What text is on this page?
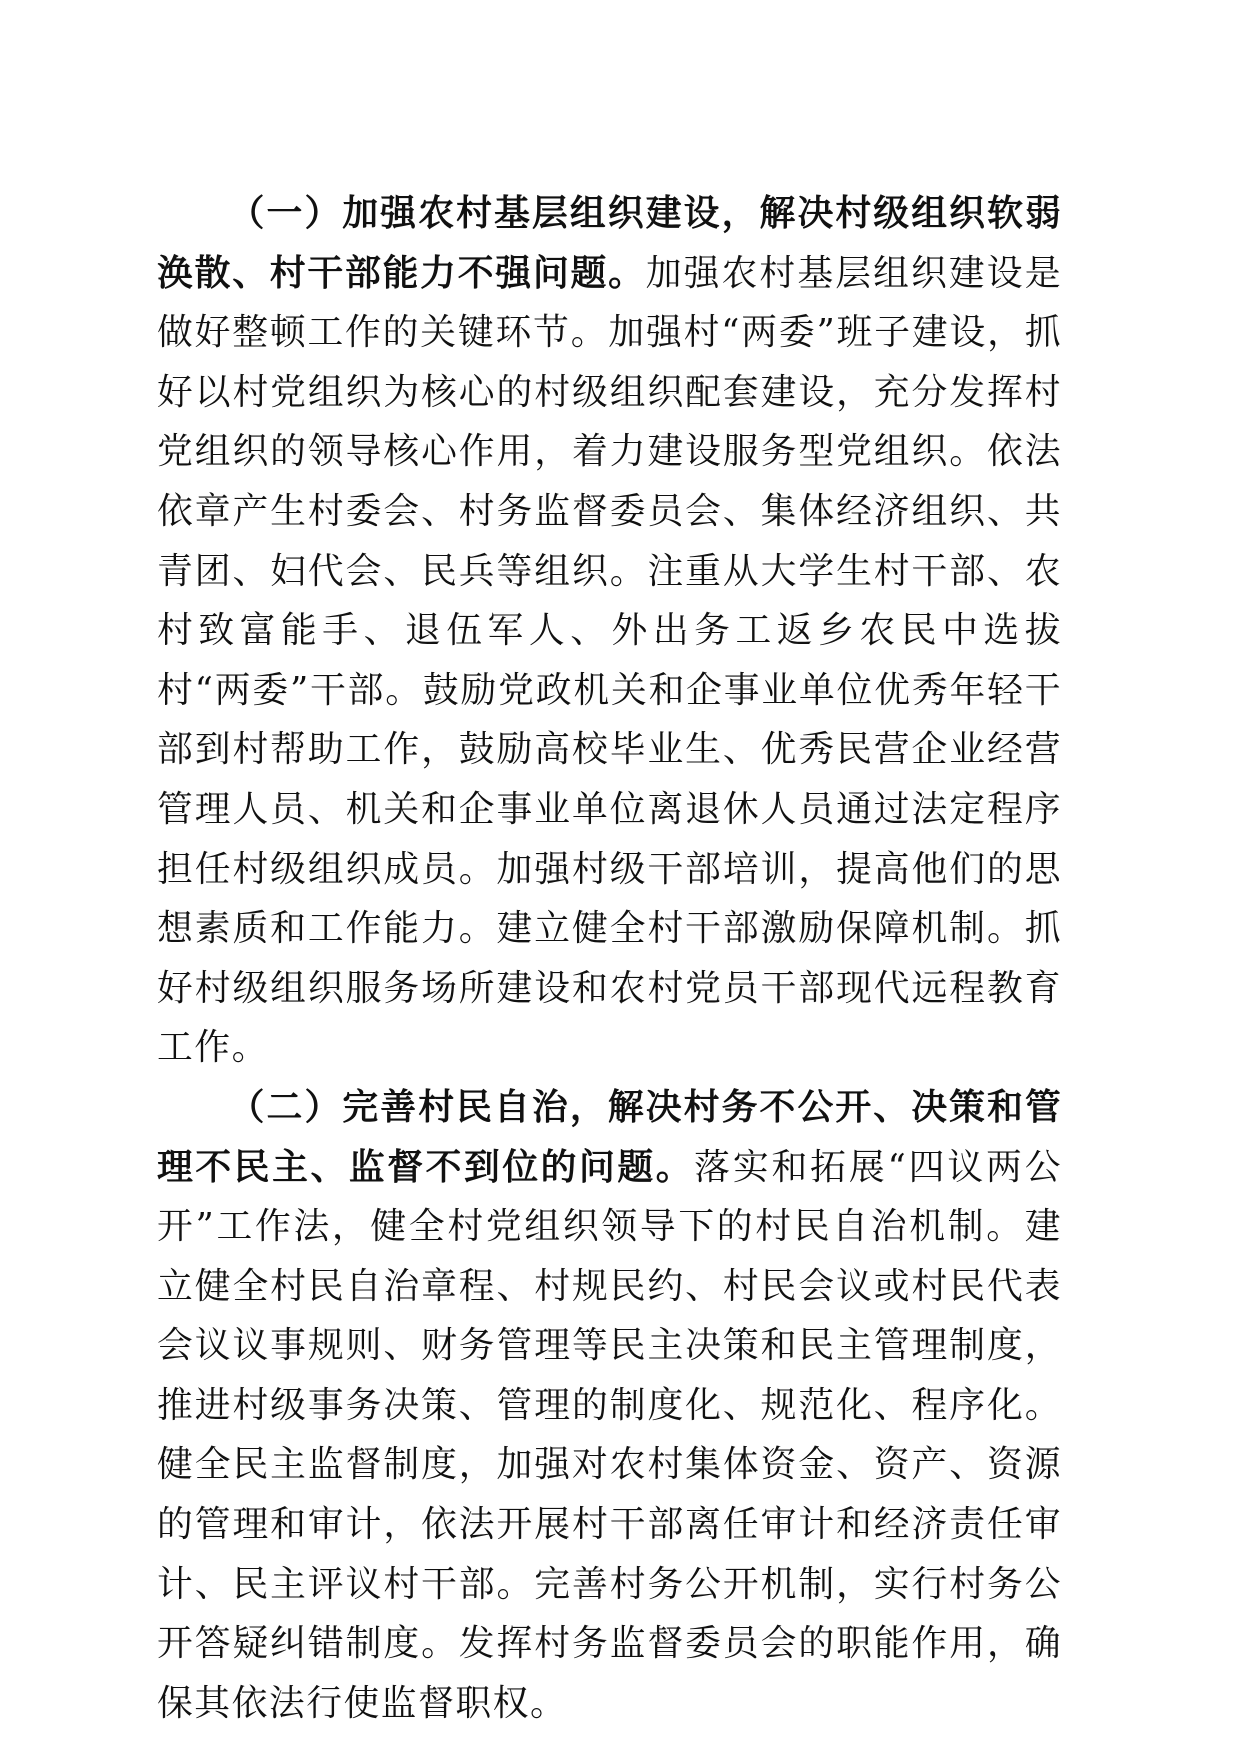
（一）加强农村基层组织建设，解决村级组织软弱涣散、村干部能力不强问题。加强农村基层组织建设是做好整顿工作的关键环节。加强村“两委”班子建设，抓好以村党组织为核心的村级组织配套建设，充分发挥村党组织的领导核心作用，着力建设服务型党组织。依法依章产生村委会、村务监督委员会、集体经济组织、共青团、妇代会、民兵等组织。注重从大学生村干部、农村致富能手、退伍军人、外出务工返乡农民中选拔村“两委”干部。鼓励党政机关和企事业单位优秀年轻干部到村帮助工作，鼓励高校毕业生、优秀民营企业经营管理人员、机关和企事业单位离退休人员通过法定程序担任村级组织成员。加强村级干部培训，提高他们的思想素质和工作能力。建立健全村干部激励保障机制。抓好村级组织服务场所建设和农村党员干部现代远程教育工作。

（二）完善村民自治，解决村务不公开、决策和管理不民主、监督不到位的问题。落实和拓展“四议两公开”工作法，健全村党组织领导下的村民自治机制。建立健全村民自治章程、村规民约、村民会议或村民代表会议议事规则、财务管理等民主决策和民主管理制度，推进村级事务决策、管理的制度化、规范化、程序化。健全民主监督制度，加强对农村集体资金、资产、资源的管理和审计，依法开展村干部离任审计和经济责任审计、民主评议村干部。完善村务公开机制，实行村务公开答疑纠错制度。发挥村务监督委员会的职能作用，确保其依法行使监督职权。
